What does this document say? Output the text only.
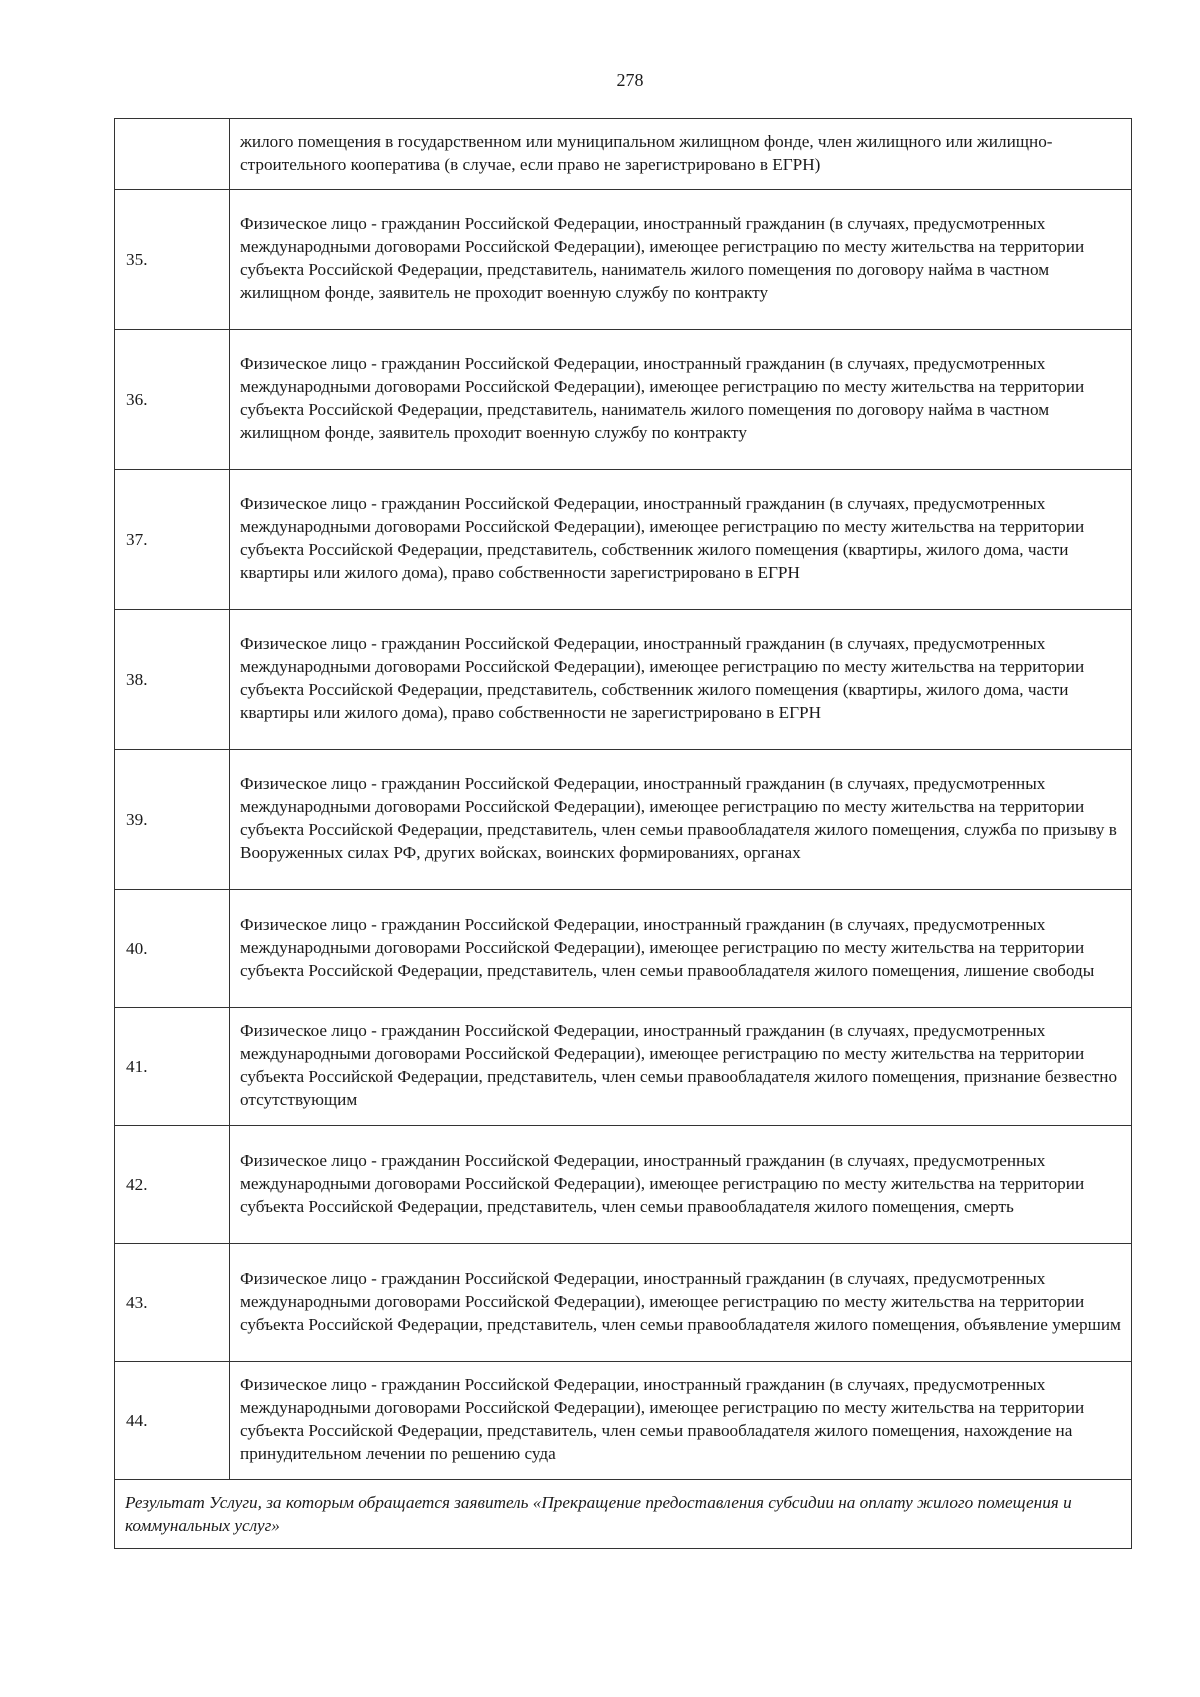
278
	жилого помещения в государственном или муниципальном жилищном фонде, член жилищного или жилищно-строительного кооператива (в случае, если право не зарегистрировано в ЕГРН)
35.	Физическое лицо - гражданин Российской Федерации, иностранный гражданин (в случаях, предусмотренных международными договорами Российской Федерации), имеющее регистрацию по месту жительства на территории субъекта Российской Федерации, представитель, наниматель жилого помещения по договору найма в частном жилищном фонде, заявитель не проходит военную службу по контракту
36.	Физическое лицо - гражданин Российской Федерации, иностранный гражданин (в случаях, предусмотренных международными договорами Российской Федерации), имеющее регистрацию по месту жительства на территории субъекта Российской Федерации, представитель, наниматель жилого помещения по договору найма в частном жилищном фонде, заявитель проходит военную службу по контракту
37.	Физическое лицо - гражданин Российской Федерации, иностранный гражданин (в случаях, предусмотренных международными договорами Российской Федерации), имеющее регистрацию по месту жительства на территории субъекта Российской Федерации, представитель, собственник жилого помещения (квартиры, жилого дома, части квартиры или жилого дома), право собственности зарегистрировано в ЕГРН
38.	Физическое лицо - гражданин Российской Федерации, иностранный гражданин (в случаях, предусмотренных международными договорами Российской Федерации), имеющее регистрацию по месту жительства на территории субъекта Российской Федерации, представитель, собственник жилого помещения (квартиры, жилого дома, части квартиры или жилого дома), право собственности не зарегистрировано в ЕГРН
39.	Физическое лицо - гражданин Российской Федерации, иностранный гражданин (в случаях, предусмотренных международными договорами Российской Федерации), имеющее регистрацию по месту жительства на территории субъекта Российской Федерации, представитель, член семьи правообладателя жилого помещения, служба по призыву в Вооруженных силах РФ, других войсках, воинских формированиях, органах
40.	Физическое лицо - гражданин Российской Федерации, иностранный гражданин (в случаях, предусмотренных международными договорами Российской Федерации), имеющее регистрацию по месту жительства на территории субъекта Российской Федерации, представитель, член семьи правообладателя жилого помещения, лишение свободы
41.	Физическое лицо - гражданин Российской Федерации, иностранный гражданин (в случаях, предусмотренных международными договорами Российской Федерации), имеющее регистрацию по месту жительства на территории субъекта Российской Федерации, представитель, член семьи правообладателя жилого помещения, признание безвестно отсутствующим
42.	Физическое лицо - гражданин Российской Федерации, иностранный гражданин (в случаях, предусмотренных международными договорами Российской Федерации), имеющее регистрацию по месту жительства на территории субъекта Российской Федерации, представитель, член семьи правообладателя жилого помещения, смерть
43.	Физическое лицо - гражданин Российской Федерации, иностранный гражданин (в случаях, предусмотренных международными договорами Российской Федерации), имеющее регистрацию по месту жительства на территории субъекта Российской Федерации, представитель, член семьи правообладателя жилого помещения, объявление умершим
44.	Физическое лицо - гражданин Российской Федерации, иностранный гражданин (в случаях, предусмотренных международными договорами Российской Федерации), имеющее регистрацию по месту жительства на территории субъекта Российской Федерации, представитель, член семьи правообладателя жилого помещения, нахождение на принудительном лечении по решению суда
Результат Услуги, за которым обращается заявитель «Прекращение предоставления субсидии на оплату жилого помещения и коммунальных услуг»	
